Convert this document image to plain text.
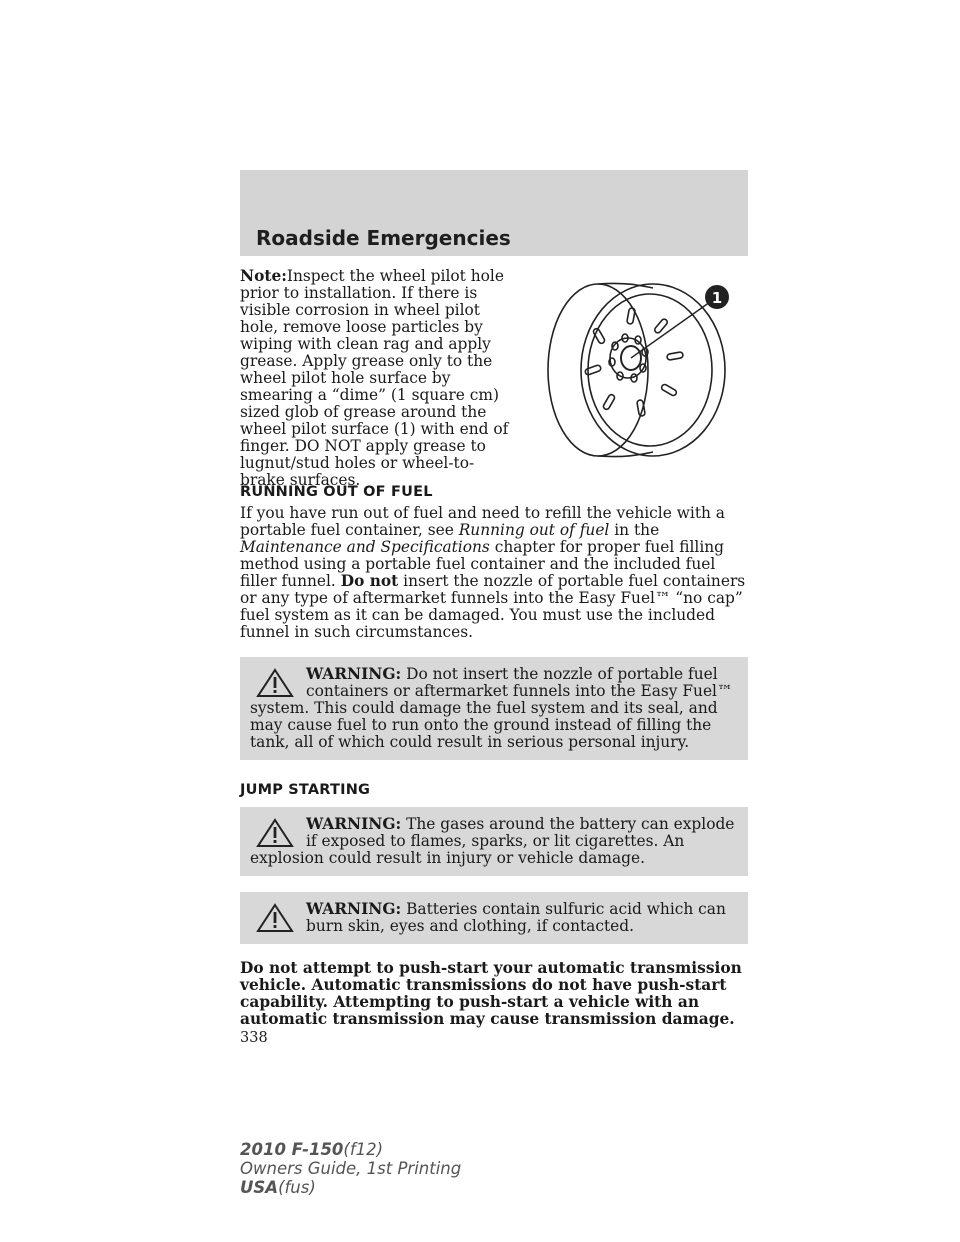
Roadside Emergencies

Note:Inspect the wheel pilot hole prior to installation. If there is visible corrosion in wheel pilot hole, remove loose particles by wiping with clean rag and apply grease. Apply grease only to the wheel pilot hole surface by smearing a “dime” (1 square cm) sized glob of grease around the wheel pilot surface (1) with end of finger. DO NOT apply grease to lugnut/stud holes or wheel-to-brake surfaces.

1
RUNNING OUT OF FUEL

If you have run out of fuel and need to refill the vehicle with a portable fuel container, see Running out of fuel in the Maintenance and Specifications chapter for proper fuel filling method using a portable fuel container and the included fuel filler funnel. Do not insert the nozzle of portable fuel containers or any type of aftermarket funnels into the Easy Fuel™ “no cap” fuel system as it can be damaged. You must use the included funnel in such circumstances.

WARNING: Do not insert the nozzle of portable fuel containers or aftermarket funnels into the Easy Fuel™ system. This could damage the fuel system and its seal, and may cause fuel to run onto the ground instead of filling the tank, all of which could result in serious personal injury.
JUMP STARTING
WARNING: The gases around the battery can explode if exposed to flames, sparks, or lit cigarettes. An explosion could result in injury or vehicle damage.
WARNING: Batteries contain sulfuric acid which can burn skin, eyes and clothing, if contacted.

Do not attempt to push-start your automatic transmission vehicle. Automatic transmissions do not have push-start capability. Attempting to push-start a vehicle with an automatic transmission may cause transmission damage.

338

2010 F-150(f12)
Owners Guide, 1st Printing
USA(fus)
